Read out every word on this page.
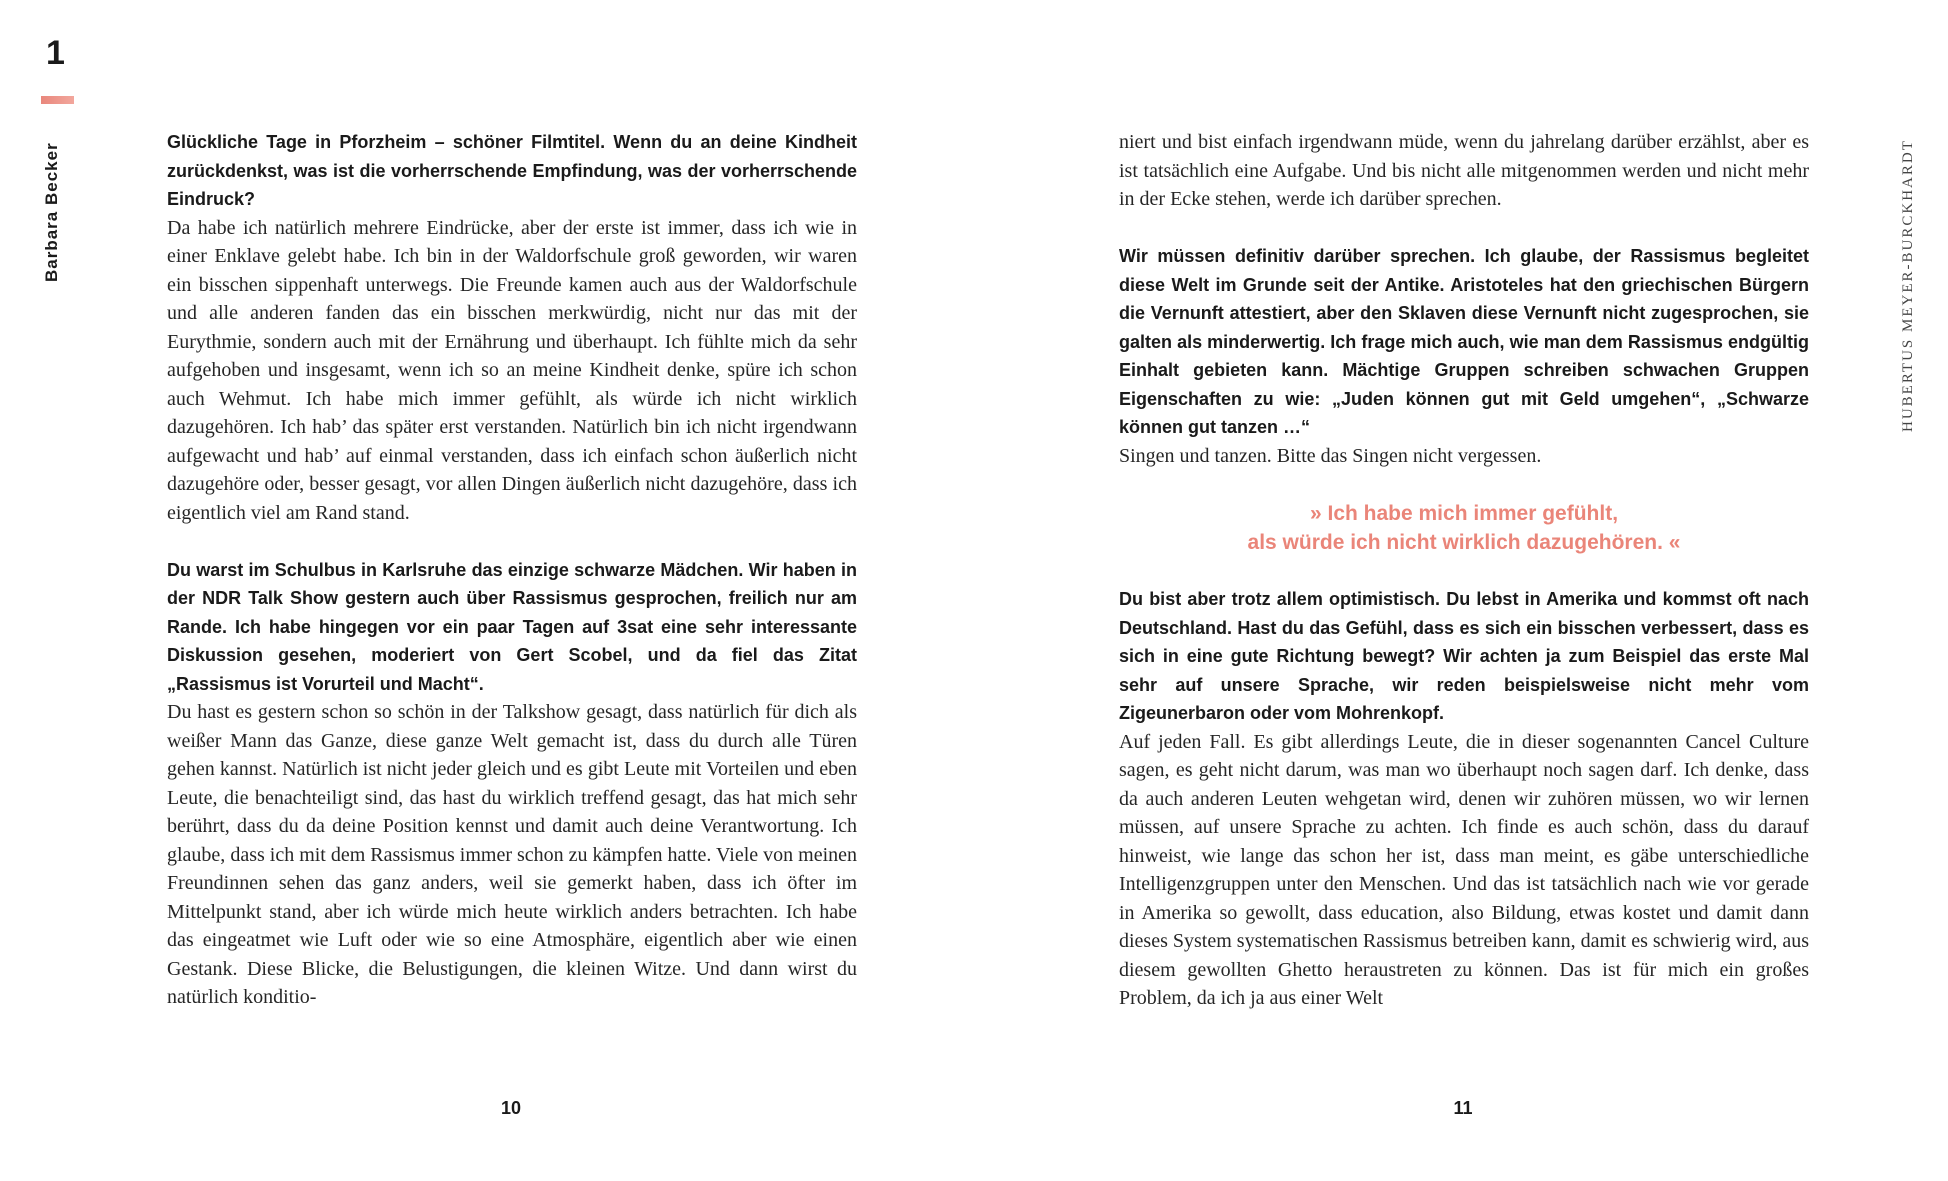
1
Barbara Becker	HUBERTUS MEYER-BURCKHARDT

Glückliche Tage in Pforzheim – schöner Filmtitel. Wenn du an deine Kindheit zurückdenkst, was ist die vorherrschende Empfindung, was der vorherrschende Eindruck?

Da habe ich natürlich mehrere Eindrücke, aber der erste ist immer, dass ich wie in einer Enklave gelebt habe. Ich bin in der Waldorfschule groß geworden, wir waren ein bisschen sippenhaft unterwegs. Die Freunde kamen auch aus der Waldorfschule und alle anderen fanden das ein bisschen merkwürdig, nicht nur das mit der Eurythmie, sondern auch mit der Ernährung und überhaupt. Ich fühlte mich da sehr aufgehoben und insgesamt, wenn ich so an meine Kindheit denke, spüre ich schon auch Wehmut. Ich habe mich immer gefühlt, als würde ich nicht wirklich dazugehören. Ich hab’ das später erst verstanden. Natürlich bin ich nicht irgendwann aufgewacht und hab’ auf einmal verstanden, dass ich einfach schon äußerlich nicht dazugehöre oder, besser gesagt, vor allen Dingen äußerlich nicht dazugehöre, dass ich eigentlich viel am Rand stand.

Du warst im Schulbus in Karlsruhe das einzige schwarze Mädchen. Wir haben in der NDR Talk Show gestern auch über Rassismus gesprochen, freilich nur am Rande. Ich habe hingegen vor ein paar Tagen auf 3sat eine sehr interessante Diskussion gesehen, moderiert von Gert Scobel, und da fiel das Zitat „Rassismus ist Vorurteil und Macht“.

Du hast es gestern schon so schön in der Talkshow gesagt, dass natürlich für dich als weißer Mann das Ganze, diese ganze Welt gemacht ist, dass du durch alle Türen gehen kannst. Natürlich ist nicht jeder gleich und es gibt Leute mit Vorteilen und eben Leute, die benachteiligt sind, das hast du wirklich treffend gesagt, das hat mich sehr berührt, dass du da deine Position kennst und damit auch deine Verantwortung. Ich glaube, dass ich mit dem Rassismus immer schon zu kämpfen hatte. Viele von meinen Freundinnen sehen das ganz anders, weil sie gemerkt haben, dass ich öfter im Mittelpunkt stand, aber ich würde mich heute wirklich anders betrachten. Ich habe das eingeatmet wie Luft oder wie so eine Atmosphäre, eigentlich aber wie einen Gestank. Diese Blicke, die Belustigungen, die kleinen Witze. Und dann wirst du natürlich konditio-

niert und bist einfach irgendwann müde, wenn du jahrelang darüber erzählst, aber es ist tatsächlich eine Aufgabe. Und bis nicht alle mitgenommen werden und nicht mehr in der Ecke stehen, werde ich darüber sprechen.

Wir müssen definitiv darüber sprechen. Ich glaube, der Rassismus begleitet diese Welt im Grunde seit der Antike. Aristoteles hat den griechischen Bürgern die Vernunft attestiert, aber den Sklaven diese Vernunft nicht zugesprochen, sie galten als minderwertig. Ich frage mich auch, wie man dem Rassismus endgültig Einhalt gebieten kann. Mächtige Gruppen schreiben schwachen Gruppen Eigenschaften zu wie: „Juden können gut mit Geld umgehen“, „Schwarze können gut tanzen …“

Singen und tanzen. Bitte das Singen nicht vergessen.

» Ich habe mich immer gefühlt,
als würde ich nicht wirklich dazugehören. «

Du bist aber trotz allem optimistisch. Du lebst in Amerika und kommst oft nach Deutschland. Hast du das Gefühl, dass es sich ein bisschen verbessert, dass es sich in eine gute Richtung bewegt? Wir achten ja zum Beispiel das erste Mal sehr auf unsere Sprache, wir reden beispielsweise nicht mehr vom Zigeunerbaron oder vom Mohrenkopf.

Auf jeden Fall. Es gibt allerdings Leute, die in dieser sogenannten Cancel Culture sagen, es geht nicht darum, was man wo überhaupt noch sagen darf. Ich denke, dass da auch anderen Leuten wehgetan wird, denen wir zuhören müssen, wo wir lernen müssen, auf unsere Sprache zu achten. Ich finde es auch schön, dass du darauf hinweist, wie lange das schon her ist, dass man meint, es gäbe unterschiedliche Intelligenzgruppen unter den Menschen. Und das ist tatsächlich nach wie vor gerade in Amerika so gewollt, dass education, also Bildung, etwas kostet und damit dann dieses System systematischen Rassismus betreiben kann, damit es schwierig wird, aus diesem gewollten Ghetto heraustreten zu können. Das ist für mich ein großes Problem, da ich ja aus einer Welt

10	11
